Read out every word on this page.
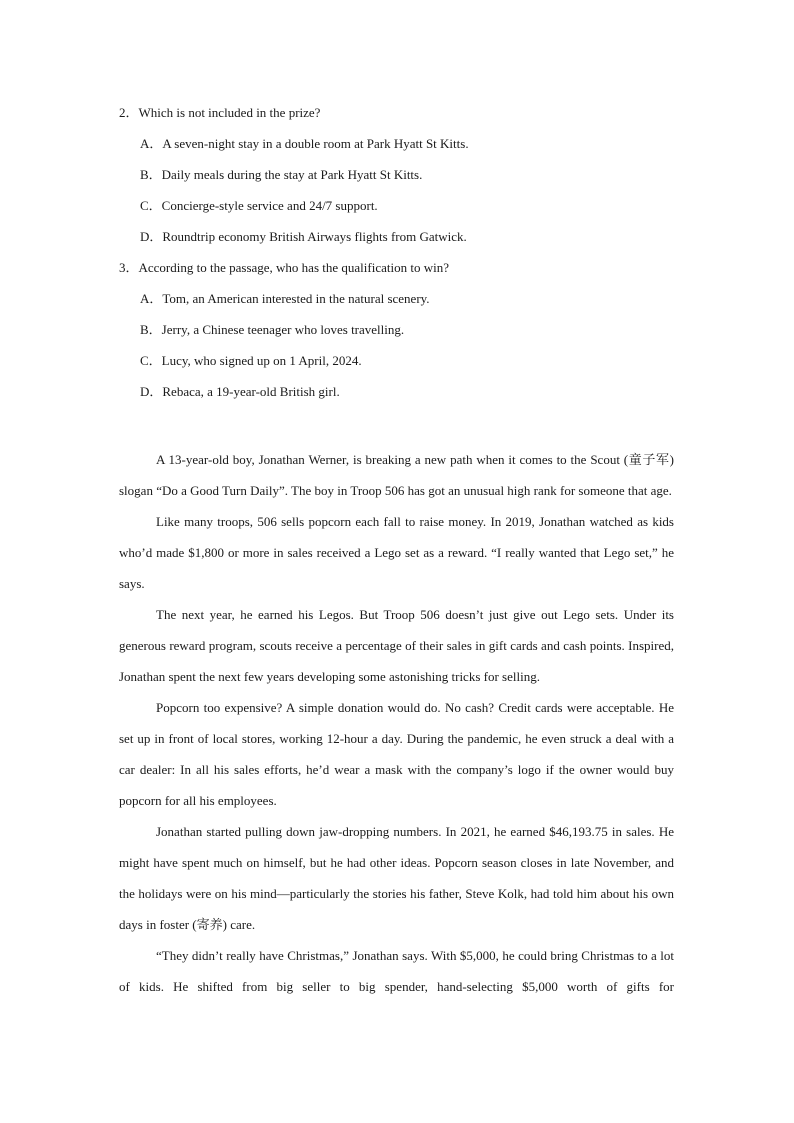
2．Which is not included in the prize?
A．A seven-night stay in a double room at Park Hyatt St Kitts.
B．Daily meals during the stay at Park Hyatt St Kitts.
C．Concierge-style service and 24/7 support.
D．Roundtrip economy British Airways flights from Gatwick.
3．According to the passage, who has the qualification to win?
A．Tom, an American interested in the natural scenery.
B．Jerry, a Chinese teenager who loves travelling.
C．Lucy, who signed up on 1 April, 2024.
D．Rebaca, a 19-year-old British girl.

A 13-year-old boy, Jonathan Werner, is breaking a new path when it comes to the Scout (童子军) slogan “Do a Good Turn Daily”. The boy in Troop 506 has got an unusual high rank for someone that age.

Like many troops, 506 sells popcorn each fall to raise money. In 2019, Jonathan watched as kids who’d made $1,800 or more in sales received a Lego set as a reward. “I really wanted that Lego set,” he says.

The next year, he earned his Legos. But Troop 506 doesn’t just give out Lego sets. Under its generous reward program, scouts receive a percentage of their sales in gift cards and cash points. Inspired, Jonathan spent the next few years developing some astonishing tricks for selling.

Popcorn too expensive? A simple donation would do. No cash? Credit cards were acceptable. He set up in front of local stores, working 12-hour a day. During the pandemic, he even struck a deal with a car dealer: In all his sales efforts, he’d wear a mask with the company’s logo if the owner would buy popcorn for all his employees.

Jonathan started pulling down jaw-dropping numbers. In 2021, he earned $46,193.75 in sales. He might have spent much on himself, but he had other ideas. Popcorn season closes in late November, and the holidays were on his mind—particularly the stories his father, Steve Kolk, had told him about his own days in foster (寄养) care.

“They didn’t really have Christmas,” Jonathan says. With $5,000, he could bring Christmas to a lot of kids. He shifted from big seller to big spender, hand-selecting $5,000 worth of gifts for
